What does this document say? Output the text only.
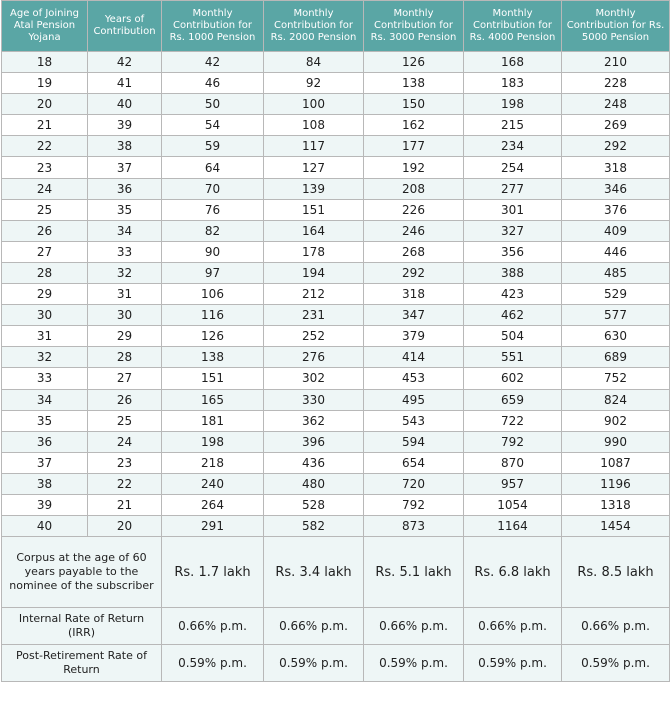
Age of Joining Atal Pension Yojana	Years of Contribution	Monthly Contribution for Rs. 1000 Pension	Monthly Contribution for Rs. 2000 Pension	Monthly Contribution for Rs. 3000 Pension	Monthly Contribution for Rs. 4000 Pension	Monthly Contribution for Rs. 5000 Pension
18	42	42	84	126	168	210
19	41	46	92	138	183	228
20	40	50	100	150	198	248
21	39	54	108	162	215	269
22	38	59	117	177	234	292
23	37	64	127	192	254	318
24	36	70	139	208	277	346
25	35	76	151	226	301	376
26	34	82	164	246	327	409
27	33	90	178	268	356	446
28	32	97	194	292	388	485
29	31	106	212	318	423	529
30	30	116	231	347	462	577
31	29	126	252	379	504	630
32	28	138	276	414	551	689
33	27	151	302	453	602	752
34	26	165	330	495	659	824
35	25	181	362	543	722	902
36	24	198	396	594	792	990
37	23	218	436	654	870	1087
38	22	240	480	720	957	1196
39	21	264	528	792	1054	1318
40	20	291	582	873	1164	1454
Corpus at the age of 60 years payable to the nominee of the subscriber		Rs. 1.7 lakh	Rs. 3.4 lakh	Rs. 5.1 lakh	Rs. 6.8 lakh	Rs. 8.5 lakh
Internal Rate of Return (IRR)		0.66% p.m.	0.66% p.m.	0.66% p.m.	0.66% p.m.	0.66% p.m.
Post-Retirement Rate of Return		0.59% p.m.	0.59% p.m.	0.59% p.m.	0.59% p.m.	0.59% p.m.
